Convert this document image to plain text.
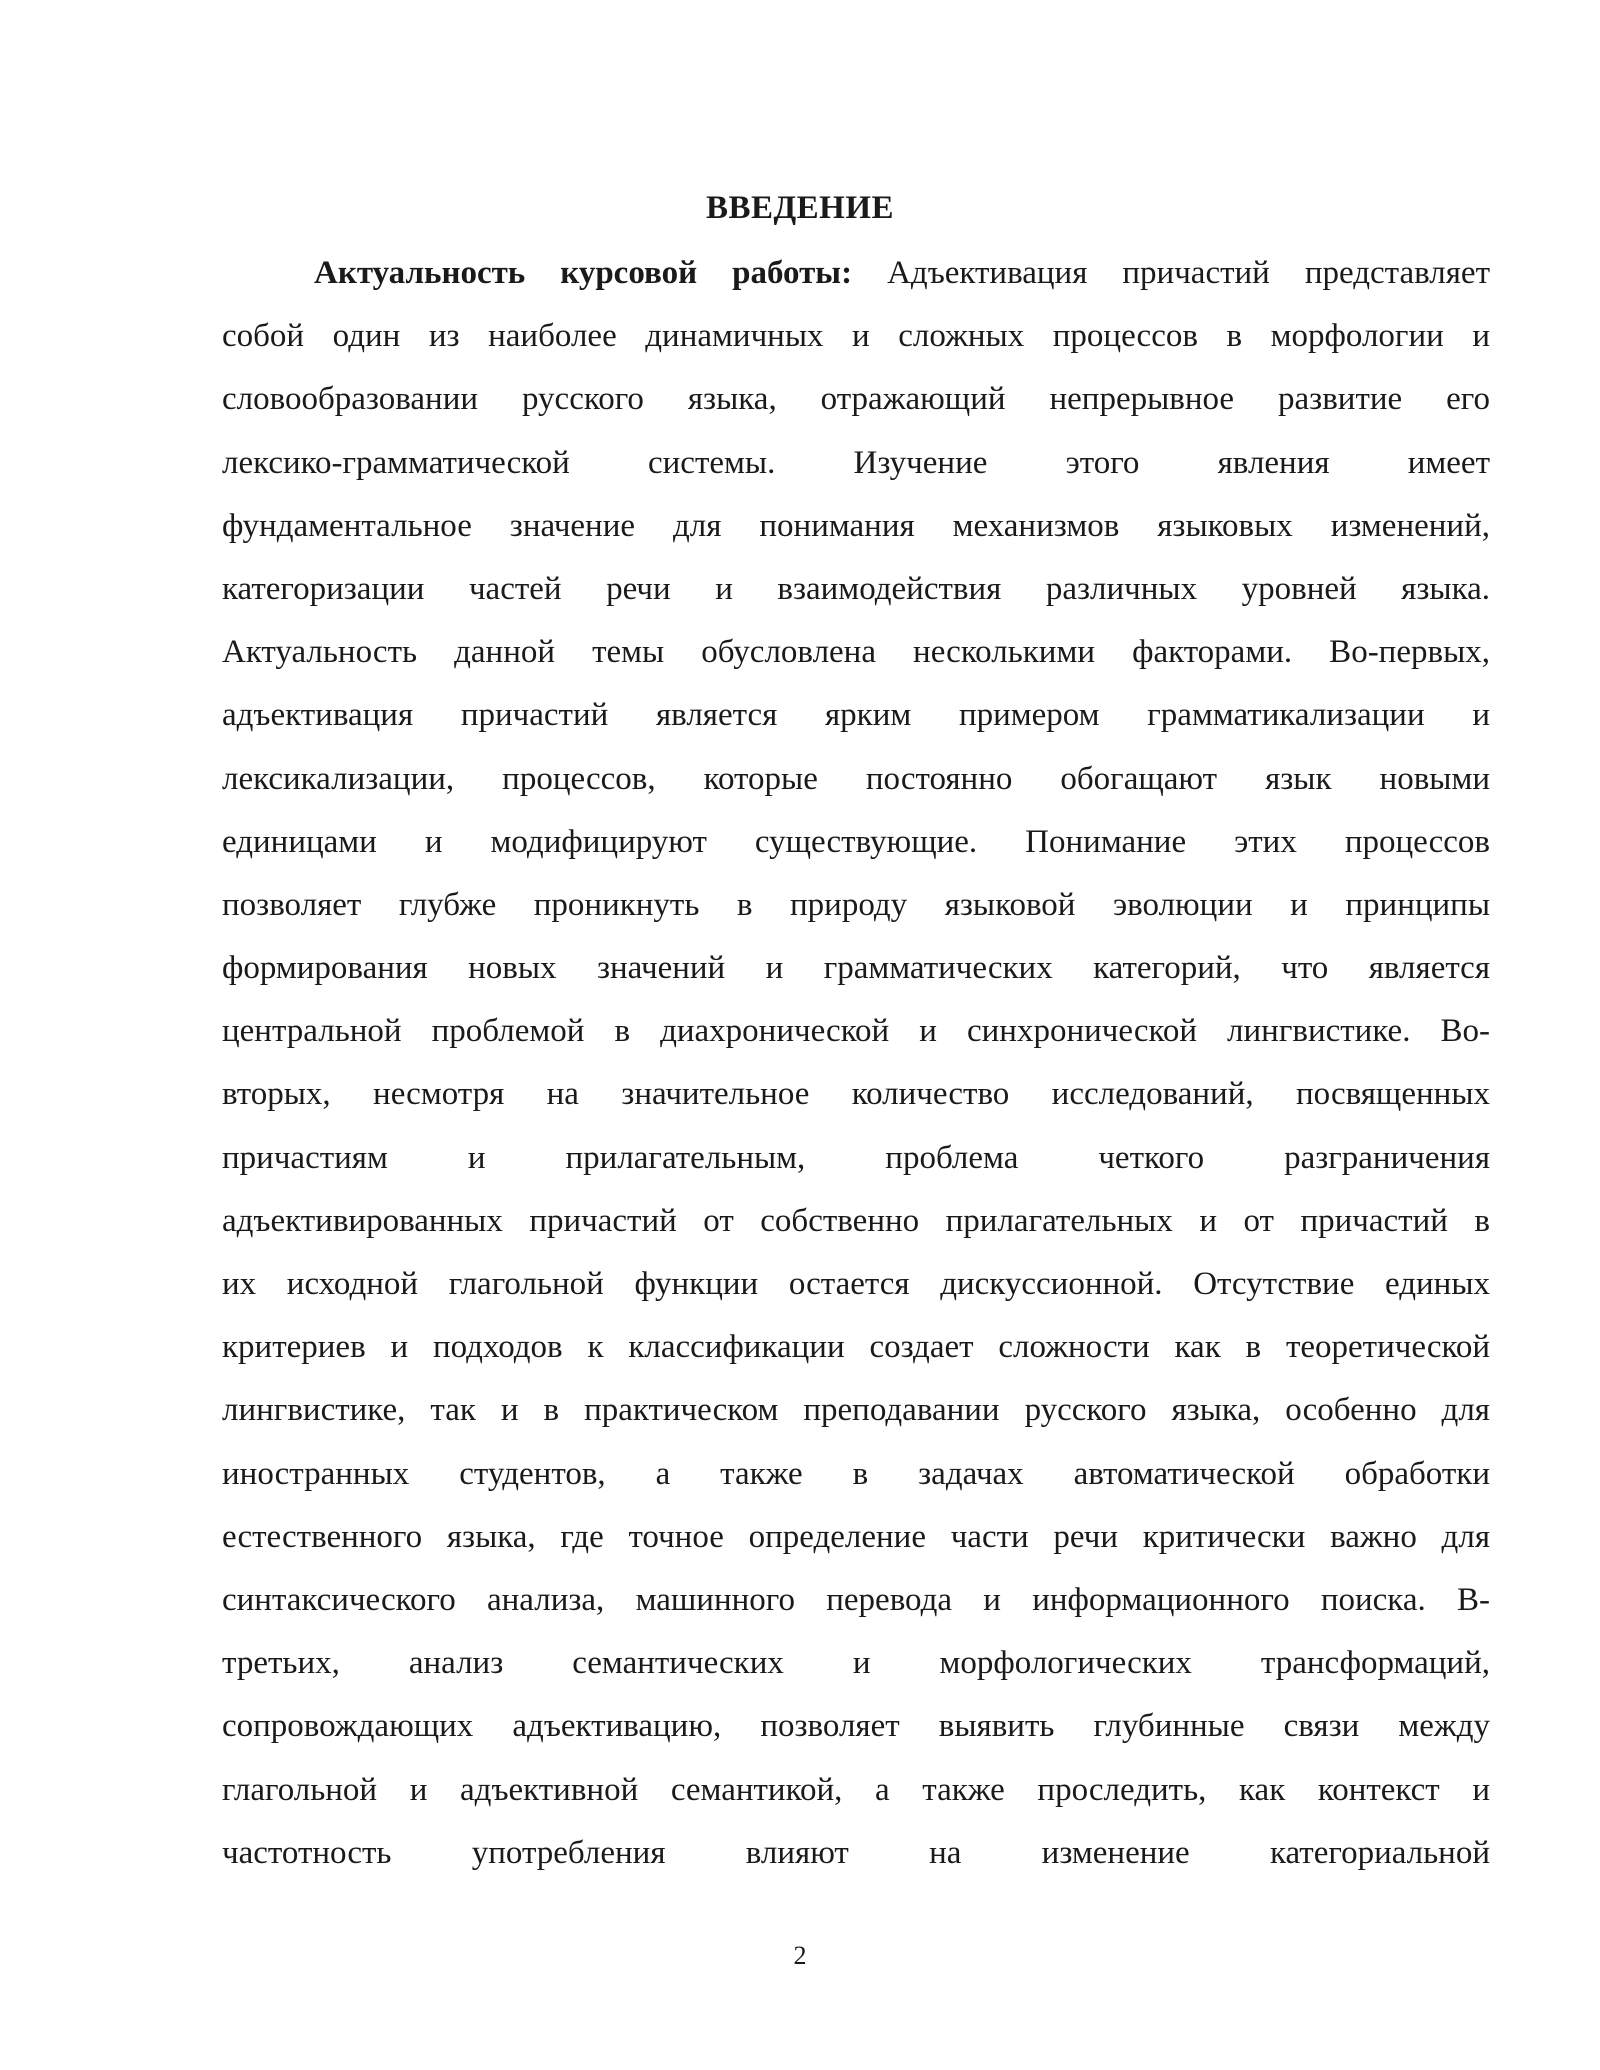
ВВЕДЕНИЕ
Актуальность курсовой работы: Адъективация причастий представляет
собой один из наиболее динамичных и сложных процессов в морфологии и
словообразовании русского языка, отражающий непрерывное развитие его
лексико-грамматической системы. Изучение этого явления имеет
фундаментальное значение для понимания механизмов языковых изменений,
категоризации частей речи и взаимодействия различных уровней языка.
Актуальность данной темы обусловлена несколькими факторами. Во-первых,
адъективация причастий является ярким примером грамматикализации и
лексикализации, процессов, которые постоянно обогащают язык новыми
единицами и модифицируют существующие. Понимание этих процессов
позволяет глубже проникнуть в природу языковой эволюции и принципы
формирования новых значений и грамматических категорий, что является
центральной проблемой в диахронической и синхронической лингвистике. Во-
вторых, несмотря на значительное количество исследований, посвященных
причастиям и прилагательным, проблема четкого разграничения
адъективированных причастий от собственно прилагательных и от причастий в
их исходной глагольной функции остается дискуссионной. Отсутствие единых
критериев и подходов к классификации создает сложности как в теоретической
лингвистике, так и в практическом преподавании русского языка, особенно для
иностранных студентов, а также в задачах автоматической обработки
естественного языка, где точное определение части речи критически важно для
синтаксического анализа, машинного перевода и информационного поиска. В-
третьих, анализ семантических и морфологических трансформаций,
сопровождающих адъективацию, позволяет выявить глубинные связи между
глагольной и адъективной семантикой, а также проследить, как контекст и
частотность употребления влияют на изменение категориальной
2
